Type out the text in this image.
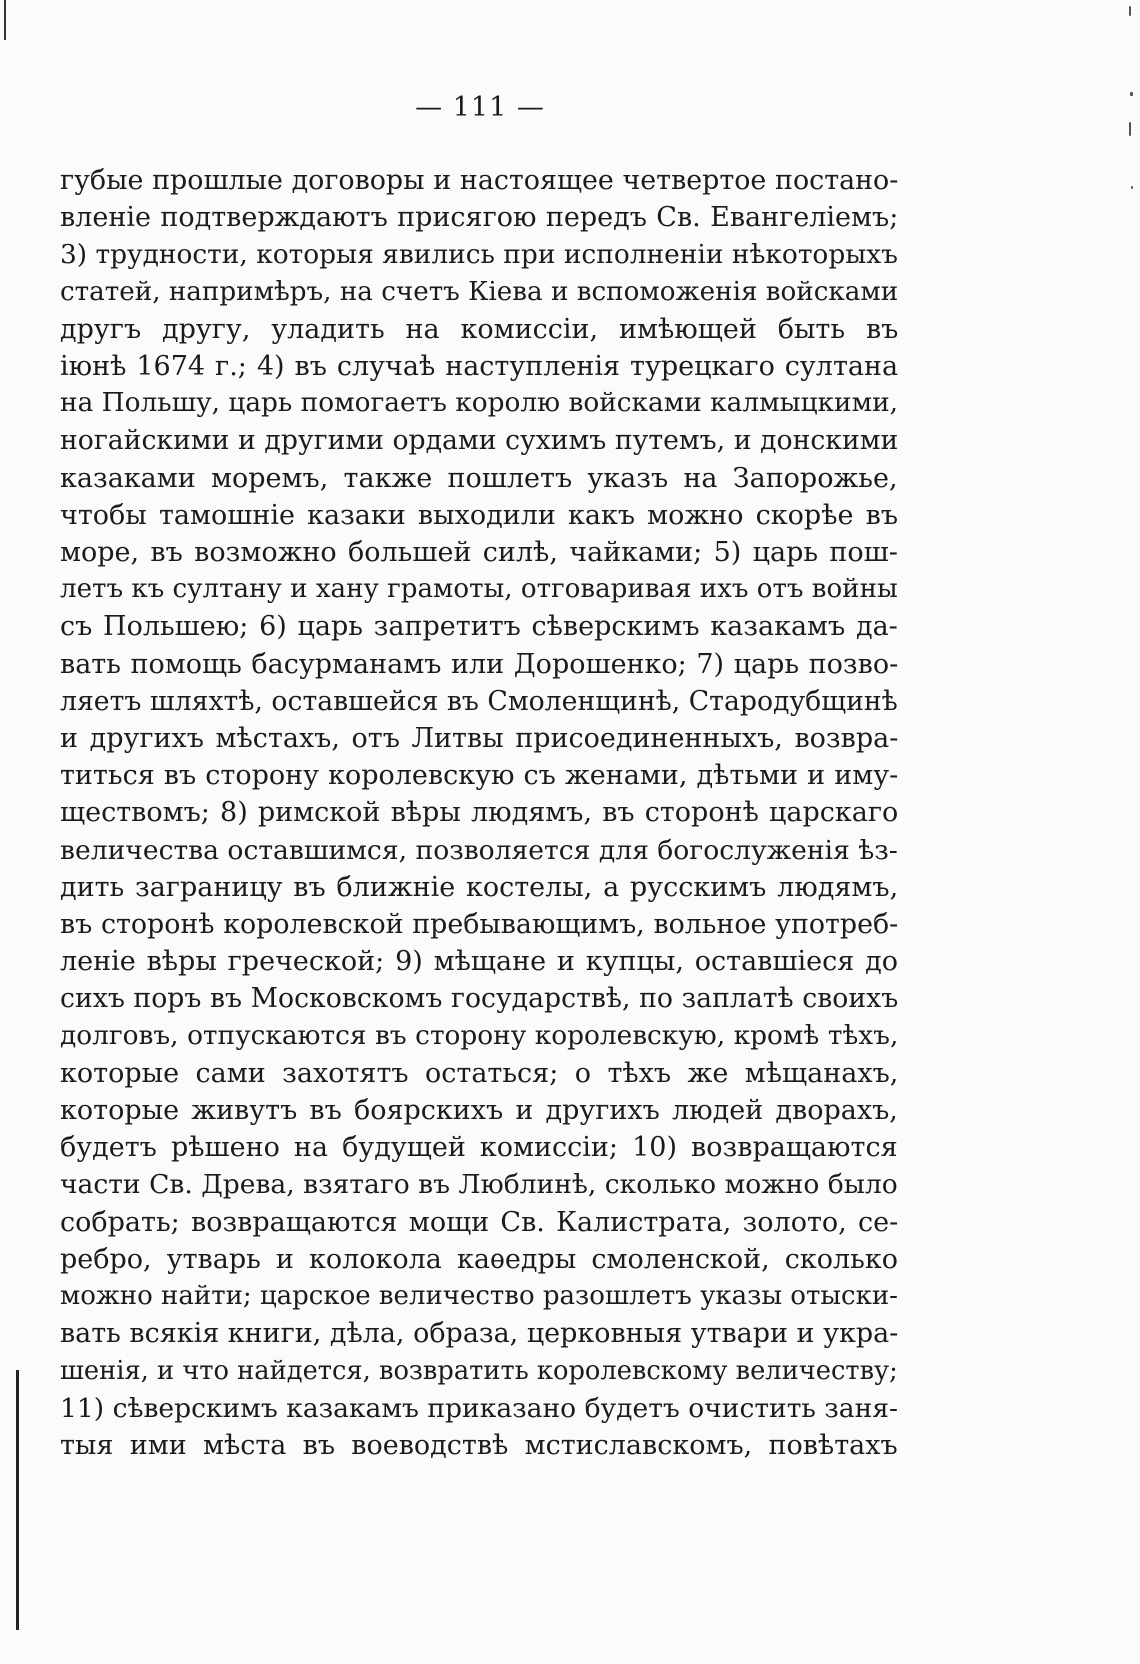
— 111 —
губые прошлые договоры и настоящее четвертое постано-
вленіе подтверждаютъ присягою передъ Св. Евангеліемъ;
3) трудности, которыя явились при исполненіи нѣкоторыхъ
статей, напримѣръ, на счетъ Кіева и вспоможенія войсками
другъ другу, уладить на комиссіи, имѣющей быть въ
іюнѣ 1674 г.; 4) въ случаѣ наступленія турецкаго султана
на Польшу, царь помогаетъ королю войсками калмыцкими,
ногайскими и другими ордами сухимъ путемъ, и донскими
казаками моремъ, также пошлетъ указъ на Запорожье,
чтобы тамошніе казаки выходили какъ можно скорѣе въ
море, въ возможно большей силѣ, чайками; 5) царь пош-
летъ къ султану и хану грамоты, отговаривая ихъ отъ войны
съ Польшею; 6) царь запретитъ сѣверскимъ казакамъ да-
вать помощь басурманамъ или Дорошенко; 7) царь позво-
ляетъ шляхтѣ, оставшейся въ Смоленщинѣ, Стародубщинѣ
и другихъ мѣстахъ, отъ Литвы присоединенныхъ, возвра-
титься въ сторону королевскую съ женами, дѣтьми и иму-
ществомъ; 8) римской вѣры людямъ, въ сторонѣ царскаго
величества оставшимся, позволяется для богослуженія ѣз-
дить заграницу въ ближніе костелы, а русскимъ людямъ,
въ сторонѣ королевской пребывающимъ, вольное употреб-
леніе вѣры греческой; 9) мѣщане и купцы, оставшіеся до
сихъ поръ въ Московскомъ государствѣ, по заплатѣ своихъ
долговъ, отпускаются въ сторону королевскую, кромѣ тѣхъ,
которые сами захотятъ остаться; о тѣхъ же мѣщанахъ,
которые живутъ въ боярскихъ и другихъ людей дворахъ,
будетъ рѣшено на будущей комиссіи; 10) возвращаются
части Св. Древа, взятаго въ Люблинѣ, сколько можно было
собрать; возвращаются мощи Св. Калистрата, золото, се-
ребро, утварь и колокола каѳедры смоленской, сколько
можно найти; царское величество разошлетъ указы отыски-
вать всякія книги, дѣла, образа, церковныя утвари и укра-
шенія, и что найдется, возвратить королевскому величеству;
11) сѣверскимъ казакамъ приказано будетъ очистить заня-
тыя ими мѣста въ воеводствѣ мстиславскомъ, повѣтахъ
